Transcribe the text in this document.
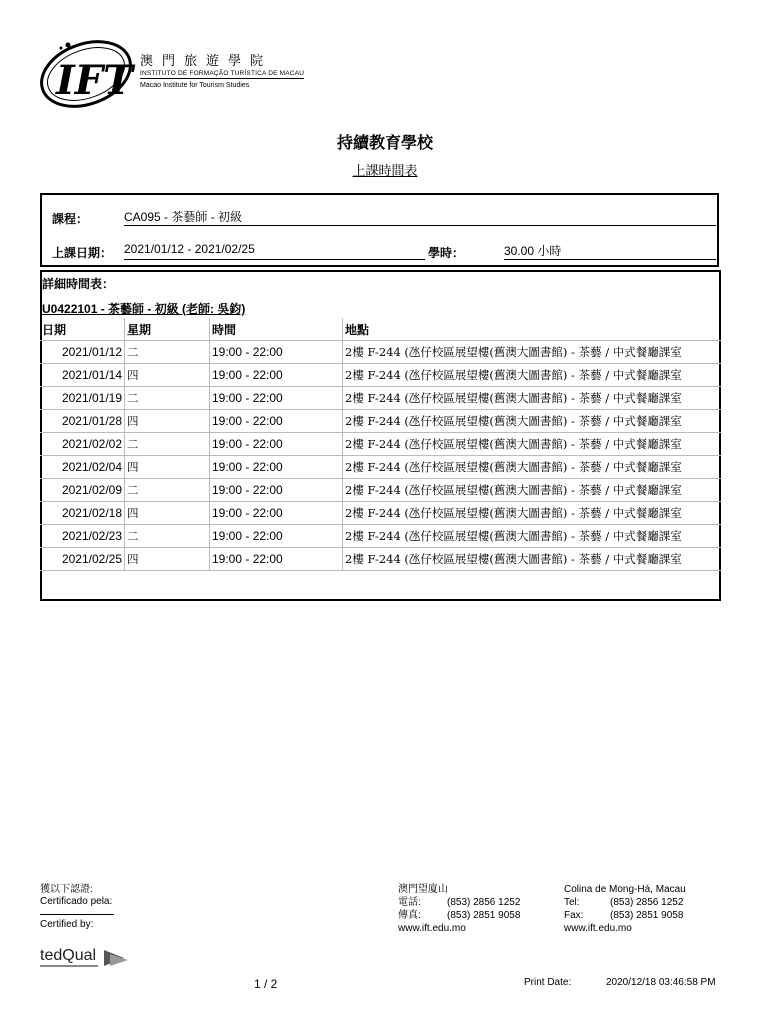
IFT 澳門旅遊學院
INSTITUTO DE FORMAÇÃO TURÍSTICA DE MACAU
Macao Institute for Tourism Studies
持續教育學校
上課時間表
課程：	CA095 - 茶藝師 - 初級
上課日期： 2021/01/12 - 2021/02/25	學時：	30.00 小時
詳細時間表：
U0422101 - 茶藝師 - 初級 (老師: 吳鈞)
日期	星期	時間	地點
2021/01/12	二	19:00 - 22:00	2樓 F-244 (氹仔校區展望樓(舊澳大圖書館) - 茶藝 / 中式餐廳課室
2021/01/14	四	19:00 - 22:00	2樓 F-244 (氹仔校區展望樓(舊澳大圖書館) - 茶藝 / 中式餐廳課室
2021/01/19	二	19:00 - 22:00	2樓 F-244 (氹仔校區展望樓(舊澳大圖書館) - 茶藝 / 中式餐廳課室
2021/01/28	四	19:00 - 22:00	2樓 F-244 (氹仔校區展望樓(舊澳大圖書館) - 茶藝 / 中式餐廳課室
2021/02/02	二	19:00 - 22:00	2樓 F-244 (氹仔校區展望樓(舊澳大圖書館) - 茶藝 / 中式餐廳課室
2021/02/04	四	19:00 - 22:00	2樓 F-244 (氹仔校區展望樓(舊澳大圖書館) - 茶藝 / 中式餐廳課室
2021/02/09	二	19:00 - 22:00	2樓 F-244 (氹仔校區展望樓(舊澳大圖書館) - 茶藝 / 中式餐廳課室
2021/02/18	四	19:00 - 22:00	2樓 F-244 (氹仔校區展望樓(舊澳大圖書館) - 茶藝 / 中式餐廳課室
2021/02/23	二	19:00 - 22:00	2樓 F-244 (氹仔校區展望樓(舊澳大圖書館) - 茶藝 / 中式餐廳課室
2021/02/25	四	19:00 - 22:00	2樓 F-244 (氹仔校區展望樓(舊澳大圖書館) - 茶藝 / 中式餐廳課室
獲以下認證:
Certificado pela:
Certified by:
tedQual
澳門望廈山
電話:	(853) 2856 1252
傳真:	(853) 2851 9058
www.ift.edu.mo
Colina de Mong-Há, Macau
Tel:	(853) 2856 1252
Fax:	(853) 2851 9058
www.ift.edu.mo
1 / 2	Print Date:	2020/12/18 03:46:58 PM
